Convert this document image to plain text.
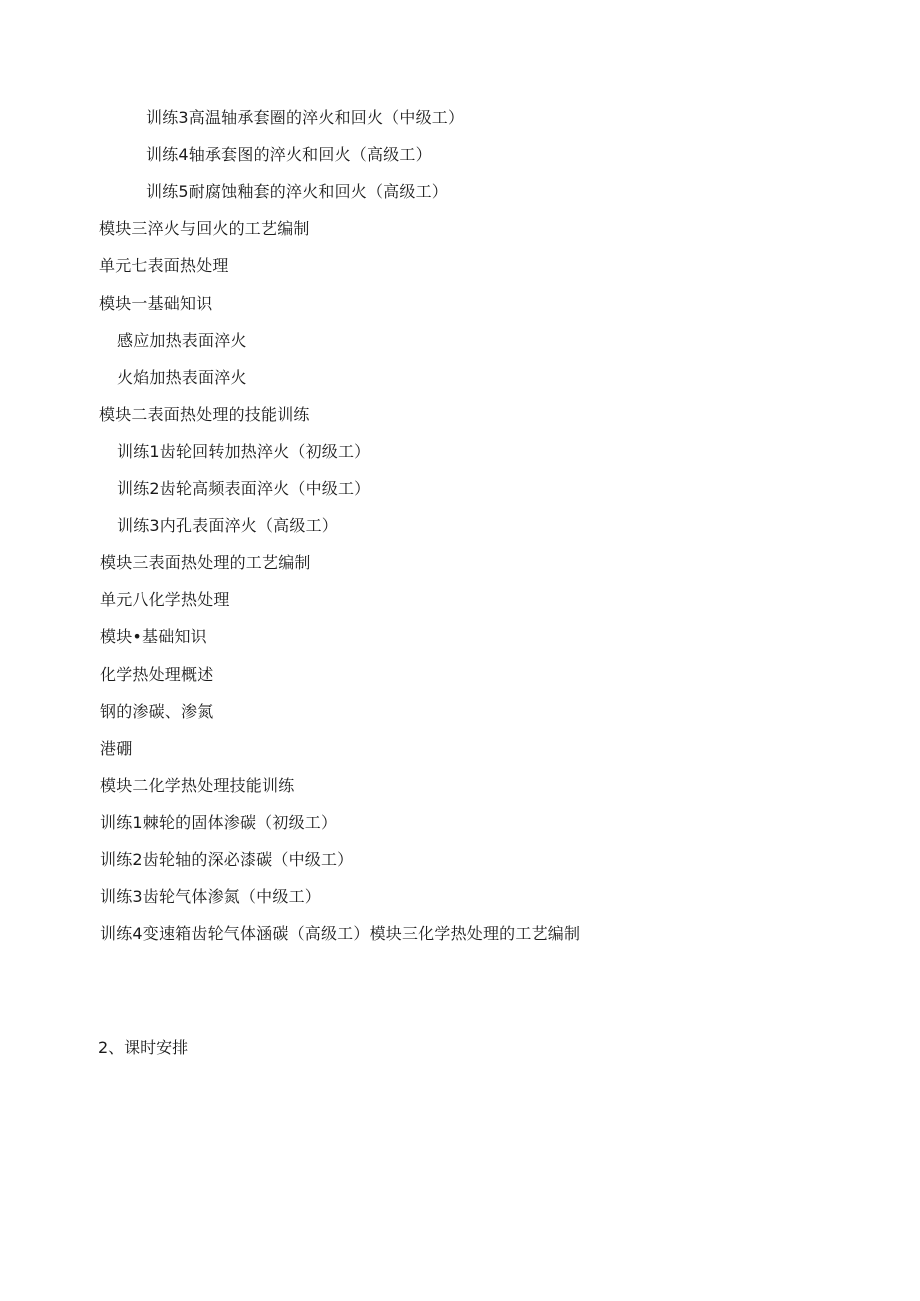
训练3高温轴承套圈的淬火和回火（中级工）
训练4轴承套图的淬火和回火（高级工）
训练5耐腐蚀釉套的淬火和回火（高级工）
模块三淬火与回火的工艺编制
单元七表面热处理
模块一基础知识
感应加热表面淬火
火焰加热表面淬火
模块二表面热处理的技能训练
训练1齿轮回转加热淬火（初级工）
训练2齿轮高频表面淬火（中级工）
训练3内孔表面淬火（高级工）
模块三表面热处理的工艺编制
单元八化学热处理
模块•基础知识
化学热处理概述
钢的渗碳、渗氮
港硼
模块二化学热处理技能训练
训练1棘轮的固体渗碳（初级工）
训练2齿轮轴的深必漆碳（中级工）
训练3齿轮气体渗氮（中级工）
训练4变速箱齿轮气体涵碳（高级工）模块三化学热处理的工艺编制
2、课时安排
